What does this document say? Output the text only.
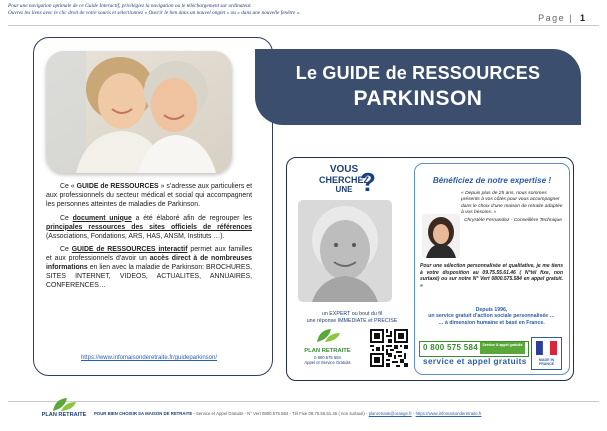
Pour une navigation optimale de ce Guide Interactif, privilégiez la navigation ou le téléchargement sur ordinateur.
Ouvrez les liens avec le clic droit de votre souris et sélectionnez « Ouvrir le lien dans un nouvel onglet » ou « dans une nouvelle fenêtre ».
Page | 1

Ce « GUIDE de RESSOURCES » s’adresse aux particuliers et aux professionnels du secteur médical et social qui accompagnent les personnes atteintes de maladies de Parkinson.

Ce document unique a été élaboré afin de regrouper les principales ressources des sites officiels de références (Associations, Fondations, ARS, HAS, ANSM, Instituts …).

Ce GUIDE de RESSOURCES interactif permet aux familles et aux professionnels d’avoir un accès direct à de nombreuses informations en lien avec la maladie de Parkinson: BROCHURES, SITES INTERNET, VIDEOS, ACTUALITES, ANNUAIRES, CONFERENCES…

https://www.infomaisonderetraite.fr/guideparkinson/
Le GUIDE de RESSOURCES
PARKINSON
VOUS
CHERCHEZ
UNE ?
un EXPERT ou bout du fil
une réponse IMMEDIATE et PRECISE
PLAN RETRAITE
0 800 575 584
Appel et Service Gratuits
Bénéficiez de notre expertise !
« Depuis plus de 25 ans, nous sommes présents à vos côtés pour vous accompagner dans le choix d’une maison de retraite adaptée à vos besoins. »
Chrystèle Fernandez - Conseillère Technique
Pour une sélection personnalisée et qualitative, je me tiens à votre disposition au 09.75.55.61.46 ( N°tél fixe, non surtaxé) ou sur notre N° Vert 0800.575.584 en appel gratuit. »
Depuis 1996,
un service gratuit d’action sociale personnalisée …
… à dimension humaine et basé en France.
0 800 575 584	Service & appel gratuits
service et appel gratuits	MADE IN FRANCE
PLAN RETRAITE	POUR BIEN CHOISIR SA MAISON DE RETRAITE - Service et Appel Gratuits - N° Vert 0800.575.584 - Tél Fixe 09.75.55.61.46 ( non surtaxé) - planretraite@orange.fr - https://www.infomaisonderetraite.fr
